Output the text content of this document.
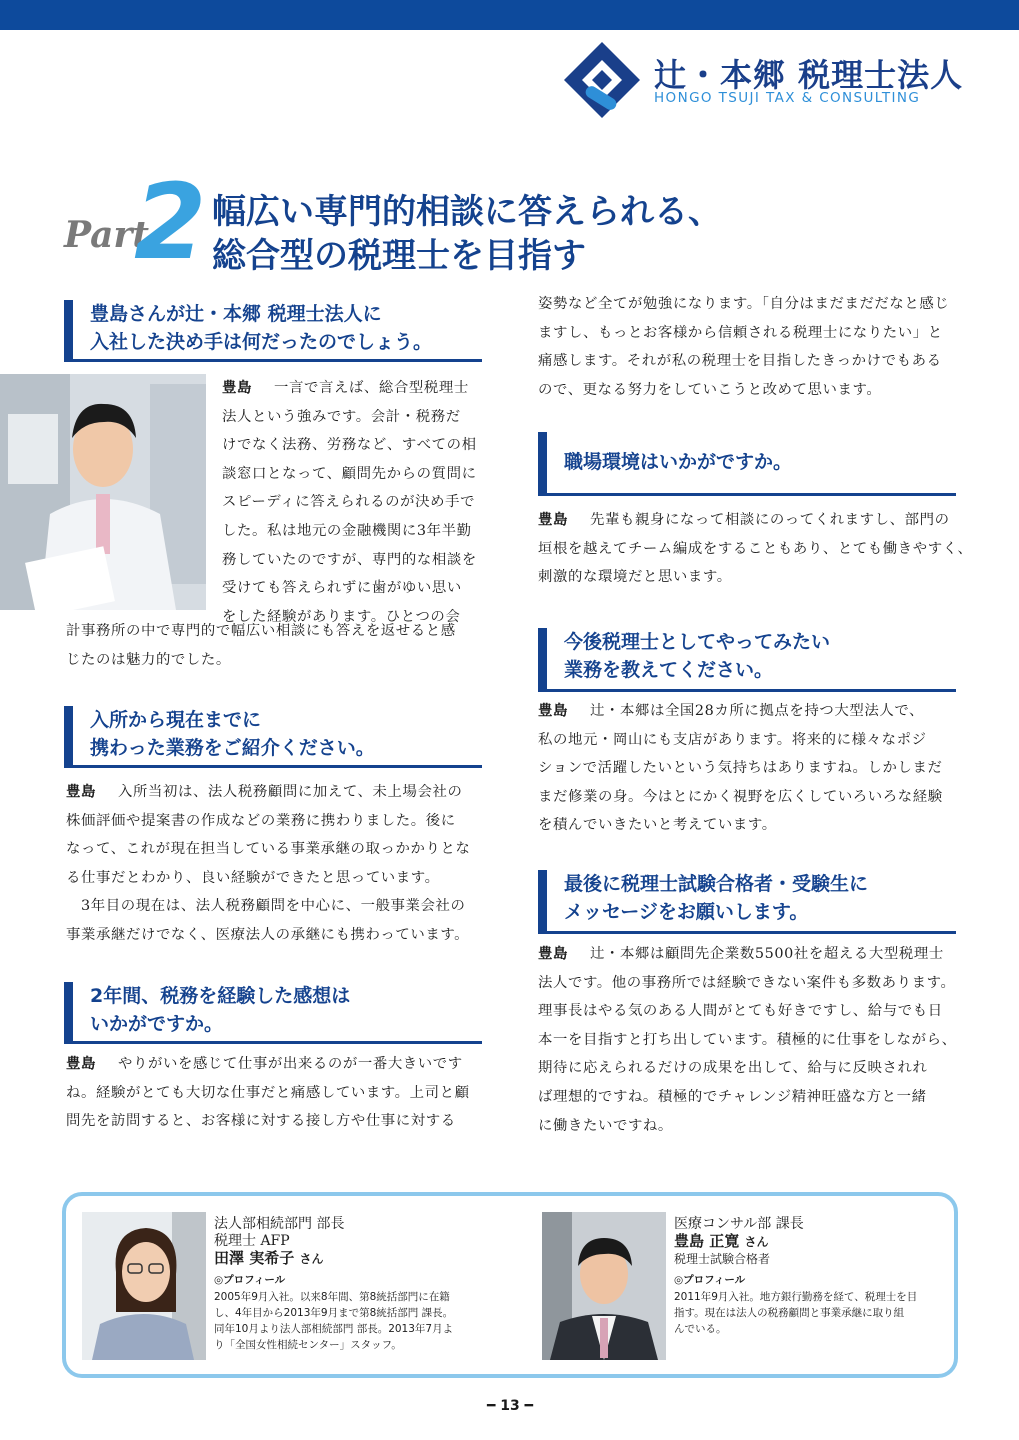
辻・本郷 税理士法人
HONGO TSUJI TAX & CONSULTING
Part
2 幅広い専門的相談に答えられる、
総合型の税理士を目指す
豊島さんが辻・本郷 税理士法人に
入社した決め手は何だったのでしょう。
豊島 一言で言えば、総合型税理士
法人という強みです。会計・税務だ
けでなく法務、労務など、すべての相
談窓口となって、顧問先からの質問に
スピーディに答えられるのが決め手で
した。私は地元の金融機関に3年半勤
務していたのですが、専門的な相談を
受けても答えられずに歯がゆい思い
をした経験があります。ひとつの会
計事務所の中で専門的で幅広い相談にも答えを返せると感
じたのは魅力的でした。
入所から現在までに
携わった業務をご紹介ください。
豊島 入所当初は、法人税務顧問に加えて、未上場会社の
株価評価や提案書の作成などの業務に携わりました。後に
なって、これが現在担当している事業承継の取っかかりとな
る仕事だとわかり、良い経験ができたと思っています。
　3年目の現在は、法人税務顧問を中心に、一般事業会社の
事業承継だけでなく、医療法人の承継にも携わっています。
2年間、税務を経験した感想は
いかがですか。
豊島 やりがいを感じて仕事が出来るのが一番大きいです
ね。経験がとても大切な仕事だと痛感しています。上司と顧
問先を訪問すると、お客様に対する接し方や仕事に対する
姿勢など全てが勉強になります。「自分はまだまだだなと感じ
ますし、もっとお客様から信頼される税理士になりたい」と
痛感します。それが私の税理士を目指したきっかけでもある
ので、更なる努力をしていこうと改めて思います。
職場環境はいかがですか。
豊島 先輩も親身になって相談にのってくれますし、部門の
垣根を越えてチーム編成をすることもあり、とても働きやすく、
刺激的な環境だと思います。
今後税理士としてやってみたい
業務を教えてください。
豊島 辻・本郷は全国28カ所に拠点を持つ大型法人で、
私の地元・岡山にも支店があります。将来的に様々なポジ
ションで活躍したいという気持ちはありますね。しかしまだ
まだ修業の身。今はとにかく視野を広くしていろいろな経験
を積んでいきたいと考えています。
最後に税理士試験合格者・受験生に
メッセージをお願いします。
豊島 辻・本郷は顧問先企業数5500社を超える大型税理士
法人です。他の事務所では経験できない案件も多数あります。
理事長はやる気のある人間がとても好きですし、給与でも日
本一を目指すと打ち出しています。積極的に仕事をしながら、
期待に応えられるだけの成果を出して、給与に反映されれ
ば理想的ですね。積極的でチャレンジ精神旺盛な方と一緒
に働きたいですね。
法人部相続部門 部長
税理士 AFP
田澤 実希子 さん
◎プロフィール
2005年9月入社。以来8年間、第8統括部門に在籍
し、4年目から2013年9月まで第8統括部門 課長。
同年10月より法人部相続部門 部長。2013年7月よ
り「全国女性相続センター」スタッフ。
医療コンサル部 課長
豊島 正寛 さん
税理士試験合格者
◎プロフィール
2011年9月入社。地方銀行勤務を経て、税理士を目
指す。現在は法人の税務顧問と事業承継に取り組
んでいる。
━ 13 ━
